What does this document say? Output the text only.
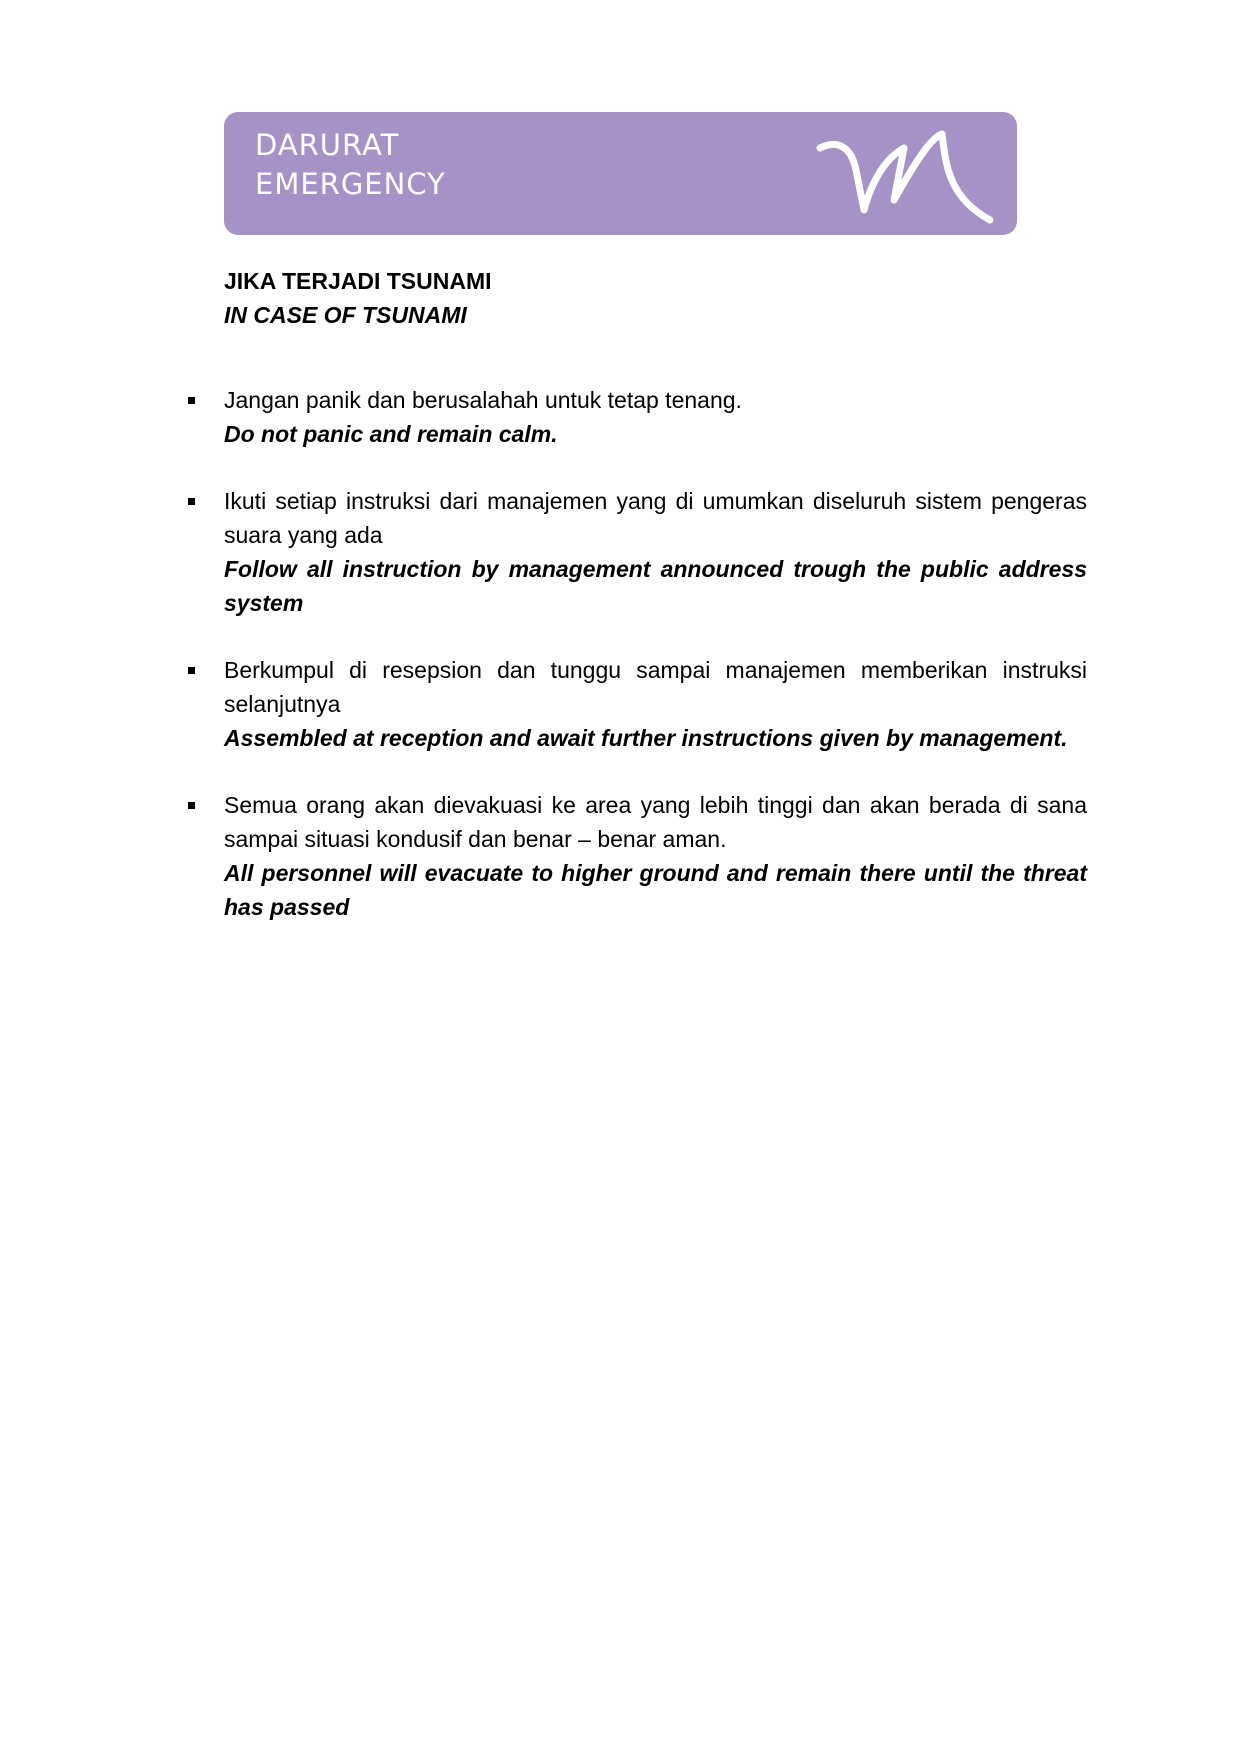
DARURAT
EMERGENCY
JIKA TERJADI TSUNAMI
IN CASE OF TSUNAMI
Jangan panik dan berusalahah untuk tetap tenang.
Do not panic and remain calm.
Ikuti setiap instruksi dari manajemen yang di umumkan diseluruh sistem pengeras suara yang ada
Follow all instruction by management announced trough the public address system
Berkumpul di resepsion dan tunggu sampai manajemen memberikan instruksi selanjutnya
Assembled at reception and await further instructions given by management.
Semua orang akan dievakuasi ke area yang lebih tinggi dan akan berada di sana sampai situasi kondusif dan benar – benar aman.
All personnel will evacuate to higher ground and remain there until the threat has passed
